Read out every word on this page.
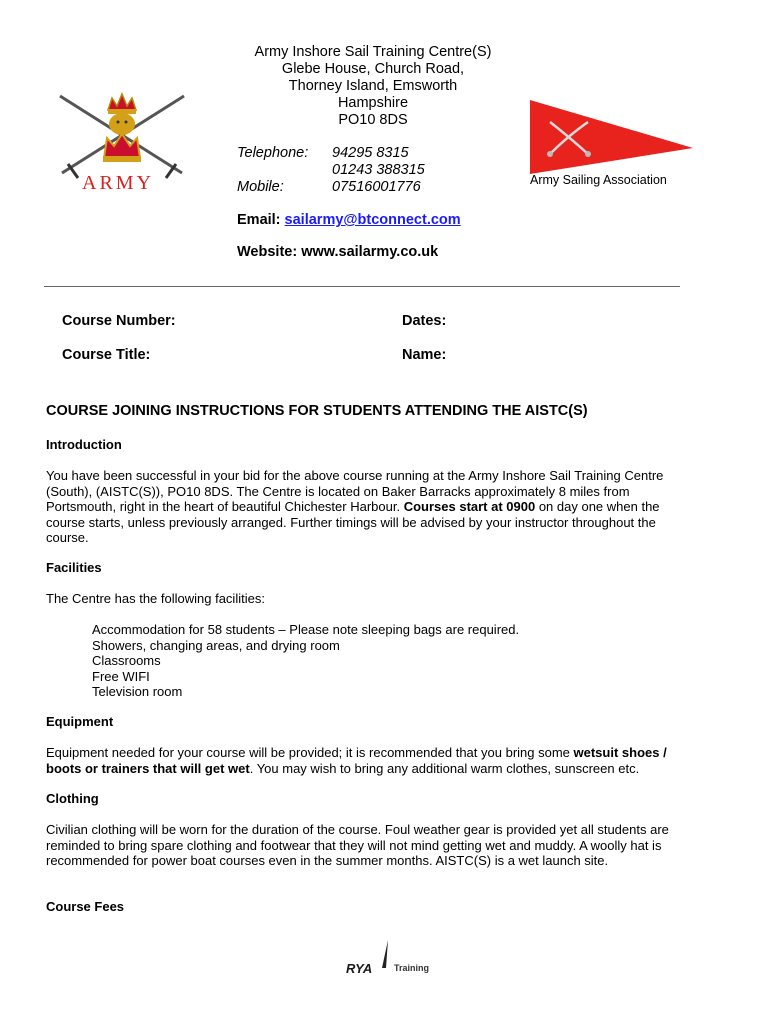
Army Inshore Sail Training Centre(S)
Glebe House, Church Road,
Thorney Island, Emsworth
Hampshire
PO10 8DS
ARMY
Telephone: 94295 8315
01243 388315
Mobile:	07516001776	Army Sailing Association
Email: sailarmy@btconnect.com
Website: www.sailarmy.co.uk
Course Number:	Dates:
Course Title:	Name:
COURSE JOINING INSTRUCTIONS FOR STUDENTS ATTENDING THE AISTC(S)
Introduction
You have been successful in your bid for the above course running at the Army Inshore Sail Training Centre (South), (AISTC(S)), PO10 8DS. The Centre is located on Baker Barracks approximately 8 miles from Portsmouth, right in the heart of beautiful Chichester Harbour. Courses start at 0900 on day one when the course starts, unless previously arranged. Further timings will be advised by your instructor throughout the course.
Facilities
The Centre has the following facilities:
Accommodation for 58 students – Please note sleeping bags are required.
Showers, changing areas, and drying room
Classrooms
Free WIFI
Television room
Equipment
Equipment needed for your course will be provided; it is recommended that you bring some wetsuit shoes / boots or trainers that will get wet. You may wish to bring any additional warm clothes, sunscreen etc.
Clothing
Civilian clothing will be worn for the duration of the course. Foul weather gear is provided yet all students are reminded to bring spare clothing and footwear that they will not mind getting wet and muddy. A woolly hat is recommended for power boat courses even in the summer months. AISTC(S) is a wet launch site.
Course Fees
RYA Training
